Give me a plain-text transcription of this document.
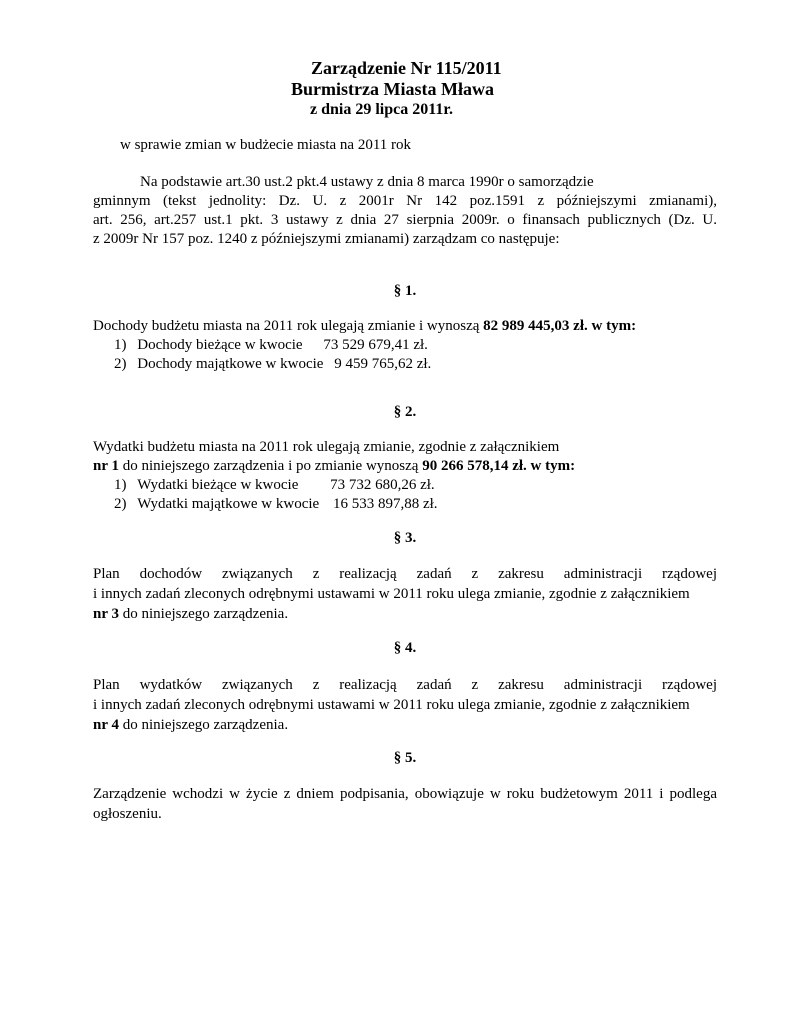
Zarządzenie Nr 115/2011
Burmistrza Miasta Mława
z dnia 29 lipca 2011r.
w sprawie zmian w budżecie miasta na 2011 rok
Na podstawie art.30 ust.2 pkt.4 ustawy z dnia 8 marca 1990r o samorządzie
gminnym (tekst jednolity: Dz. U. z 2001r Nr 142 poz.1591 z późniejszymi zmianami),
art. 256, art.257 ust.1 pkt. 3 ustawy z dnia 27 sierpnia 2009r. o finansach publicznych (Dz. U.
z 2009r Nr 157 poz. 1240 z późniejszymi zmianami) zarządzam co następuje:
§ 1.
Dochody budżetu miasta na 2011 rok ulegają zmianie i wynoszą 82 989 445,03 zł. w tym:
1) Dochody bieżące w kwocie 73 529 679,41 zł.
2) Dochody majątkowe w kwocie 9 459 765,62 zł.
§ 2.
Wydatki budżetu miasta na 2011 rok ulegają zmianie, zgodnie z załącznikiem
nr 1 do niniejszego zarządzenia i po zmianie wynoszą 90 266 578,14 zł. w tym:
1) Wydatki bieżące w kwocie 73 732 680,26 zł.
2) Wydatki majątkowe w kwocie 16 533 897,88 zł.
§ 3.
Plan dochodów związanych z realizacją zadań z zakresu administracji rządowej
i innych zadań zleconych odrębnymi ustawami w 2011 roku ulega zmianie, zgodnie z załącznikiem
nr 3 do niniejszego zarządzenia.
§ 4.
Plan wydatków związanych z realizacją zadań z zakresu administracji rządowej
i innych zadań zleconych odrębnymi ustawami w 2011 roku ulega zmianie, zgodnie z załącznikiem
nr 4 do niniejszego zarządzenia.
§ 5.
Zarządzenie wchodzi w życie z dniem podpisania, obowiązuje w roku budżetowym 2011 i podlega
ogłoszeniu.
